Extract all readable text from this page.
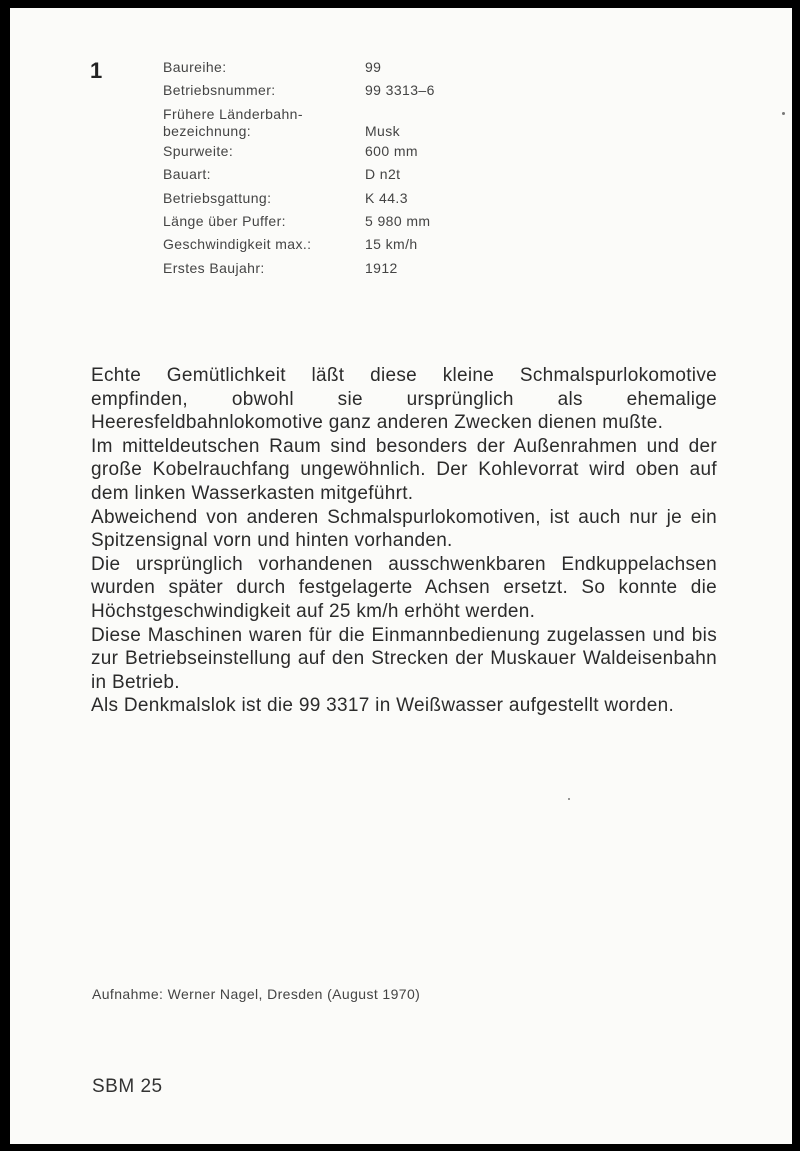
1	Baureihe:	99
Betriebsnummer:	99 3313–6
Frühere Länderbahn-
bezeichnung:	Musk
Spurweite:	600 mm
Bauart:	D n2t
Betriebsgattung:	K 44.3
Länge über Puffer:	5 980 mm
Geschwindigkeit max.:	15 km/h
Erstes Baujahr:	1912

Echte Gemütlichkeit läßt diese kleine Schmalspurlokomotive empfinden, obwohl sie ursprünglich als ehemalige Heeresfeldbahnlokomotive ganz anderen Zwecken dienen mußte.

Im mitteldeutschen Raum sind besonders der Außenrahmen und der große Kobelrauchfang ungewöhnlich. Der Kohlevorrat wird oben auf dem linken Wasserkasten mitgeführt.

Abweichend von anderen Schmalspurlokomotiven, ist auch nur je ein Spitzensignal vorn und hinten vorhanden.

Die ursprünglich vorhandenen ausschwenkbaren Endkuppelachsen wurden später durch festgelagerte Achsen ersetzt. So konnte die Höchstgeschwindigkeit auf 25 km/h erhöht werden.

Diese Maschinen waren für die Einmannbedienung zugelassen und bis zur Betriebseinstellung auf den Strecken der Muskauer Waldeisenbahn in Betrieb.

Als Denkmalslok ist die 99 3317 in Weißwasser aufgestellt worden.

Aufnahme: Werner Nagel, Dresden (August 1970)
SBM 25
